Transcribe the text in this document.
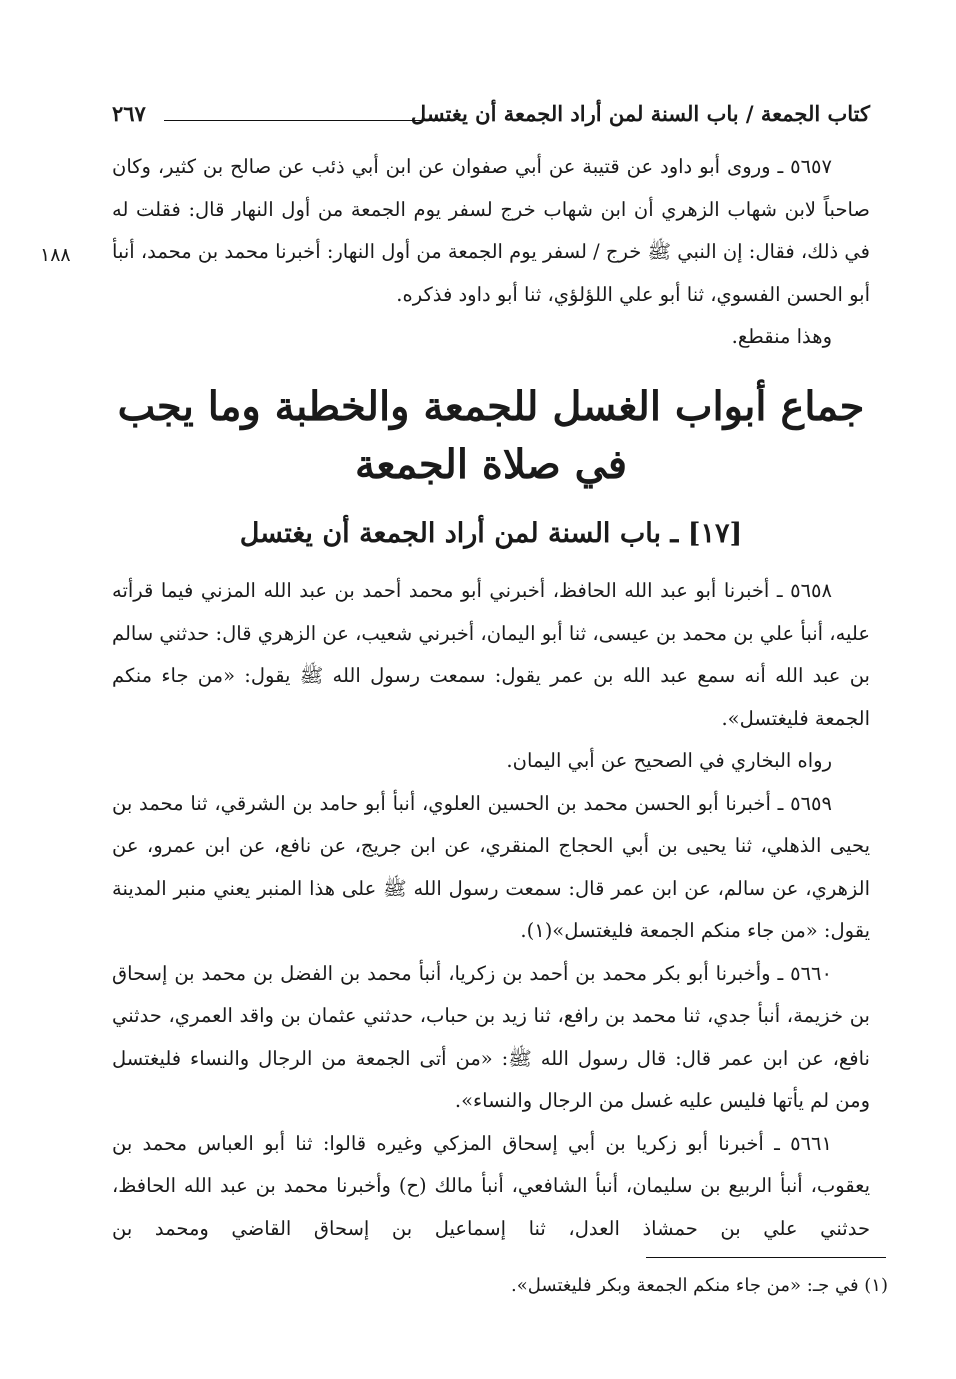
كتاب الجمعة / باب السنة لمن أراد الجمعة أن يغتسل
٢٦٧

٥٦٥٧ ـ وروى أبو داود عن قتيبة عن أبي صفوان عن ابن أبي ذئب عن صالح بن كثير، وكان صاحباً لابن شهاب الزهري أن ابن شهاب خرج لسفر يوم الجمعة من أول النهار قال: فقلت له في ذلك، فقال: إن النبي ﷺ خرج / لسفر يوم الجمعة من أول النهار: أخبرنا محمد بن محمد، أنبأ أبو الحسن الفسوي، ثنا أبو علي اللؤلؤي، ثنا أبو داود فذكره.

وهذا منقطع.

١٨٨
جماع أبواب الغسل للجمعة والخطبة وما يجب في صلاة الجمعة
[١٧] ـ باب السنة لمن أراد الجمعة أن يغتسل

٥٦٥٨ ـ أخبرنا أبو عبد الله الحافظ، أخبرني أبو محمد أحمد بن عبد الله المزني فيما قرأته عليه، أنبأ علي بن محمد بن عيسى، ثنا أبو اليمان، أخبرني شعيب، عن الزهري قال: حدثني سالم بن عبد الله أنه سمع عبد الله بن عمر يقول: سمعت رسول الله ﷺ يقول: «من جاء منكم الجمعة فليغتسل».

رواه البخاري في الصحيح عن أبي اليمان.

٥٦٥٩ ـ أخبرنا أبو الحسن محمد بن الحسين العلوي، أنبأ أبو حامد بن الشرقي، ثنا محمد بن يحيى الذهلي، ثنا يحيى بن أبي الحجاج المنقري، عن ابن جريج، عن نافع، عن ابن عمرو، عن الزهري، عن سالم، عن ابن عمر قال: سمعت رسول الله ﷺ على هذا المنبر يعني منبر المدينة يقول: «من جاء منكم الجمعة فليغتسل»(١).

٥٦٦٠ ـ وأخبرنا أبو بكر محمد بن أحمد بن زكريا، أنبأ محمد بن الفضل بن محمد بن إسحاق بن خزيمة، أنبأ جدي، ثنا محمد بن رافع، ثنا زيد بن حباب، حدثني عثمان بن واقد العمري، حدثني نافع، عن ابن عمر قال: قال رسول الله ﷺ: «من أتى الجمعة من الرجال والنساء فليغتسل ومن لم يأتها فليس عليه غسل من الرجال والنساء».

٥٦٦١ ـ أخبرنا أبو زكريا بن أبي إسحاق المزكي وغيره قالوا: ثنا أبو العباس محمد بن يعقوب، أنبأ الربيع بن سليمان، أنبأ الشافعي، أنبأ مالك (ح) وأخبرنا محمد بن عبد الله الحافظ، حدثني علي بن حمشاذ العدل، ثنا إسماعيل بن إسحاق القاضي ومحمد بن

(١) في جـ: «من جاء منكم الجمعة وبكر فليغتسل».
